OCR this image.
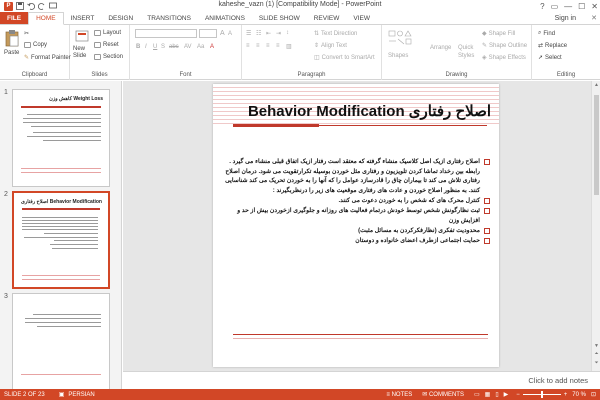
P	kaheshe_vazn (1) [Compatibility Mode] - PowerPoint	? ▭ — ☐ ✕
FILE	HOME	INSERT	DESIGN	TRANSITIONS	ANIMATIONS	SLIDE SHOW	REVIEW	VIEW	Sign in ✕
Paste
✂
Copy
✎ Format Painter
Clipboard
New
Slide
Layout
Reset
Section
Slides
A A
B I U S abc AV Aa A
Font
☰ ☷ ⇤ ⇥ ↕
≡ ≡ ≡ ≡ ▥
⇅ Text Direction
⇕ Align Text
◫ Convert to SmartArt
Paragraph
Shapes
Arrange Quick
Styles
◆ Shape Fill
✎ Shape Outline
◈ Shape Effects
Drawing
⌕ Find
⇄ Replace
➚ Select
Editing
1
کاهش وزن Weight Loss
2
اصلاح رفتاری Behavior Modification
3
اصلاح رفتاری Behavior Modification
اصلاح رفتاری ازیک اصل کلاسیک منشاء گرفته که معتقد است رفتار ازیک اتفاق قبلی منشاء می گیرد . رابطه بین رخداد تماشا کردن تلویزیون و رفتاری مثل خوردن بوسیله تکرارتقویت می شود. درمان اصلاح رفتاری تلاش می کند تا بیماران چاق را قادرسازد عوامل را که آنها را به خوردن تحریک می کند شناسایی کنند. به منظور اصلاح خوردن و عادت های رفتاری موقعیت های زیر را درنظربگیرند :
کنترل محرک های که شخص را به خوردن دعوت می کنند.
ثبت نظارگونش شخص توسط خودش درتمام فعالیت های روزانه و جلوگیری ازخوردن بیش از حد و افزایش وزن
محدودیت تفکری (نظارفکرکردن به مسائل مثبت)
حمایت اجتماعی ازطرف اعضای خانواده و دوستان
▲
▼
⏶
⏷
Click to add notes
SLIDE 2 OF 23 ▣ PERSIAN	≡ NOTES ✉ COMMENTS ▭ ▦ ▯ ▶ −	+ 70 % ⊡
